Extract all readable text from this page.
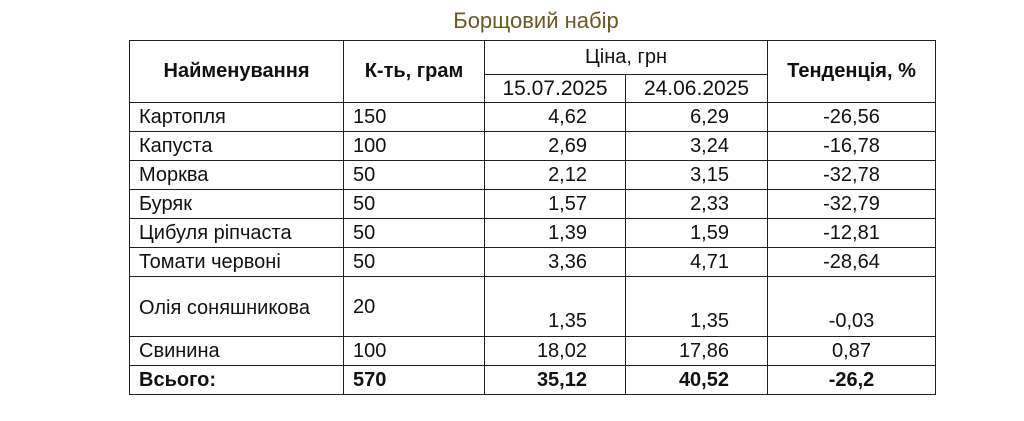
Борщовий набір
Найменування	К-ть, грам	Ціна, грн		Тенденція, %
		15.07.2025	24.06.2025	
Картопля	150	4,62	6,29	-26,56
Капуста	100	2,69	3,24	-16,78
Морква	50	2,12	3,15	-32,78
Буряк	50	1,57	2,33	-32,79
Цибуля ріпчаста	50	1,39	1,59	-12,81
Томати червоні	50	3,36	4,71	-28,64
Олія соняшникова	20	1,35	1,35	-0,03
Свинина	100	18,02	17,86	0,87
Всього:	570	35,12	40,52	-26,2
